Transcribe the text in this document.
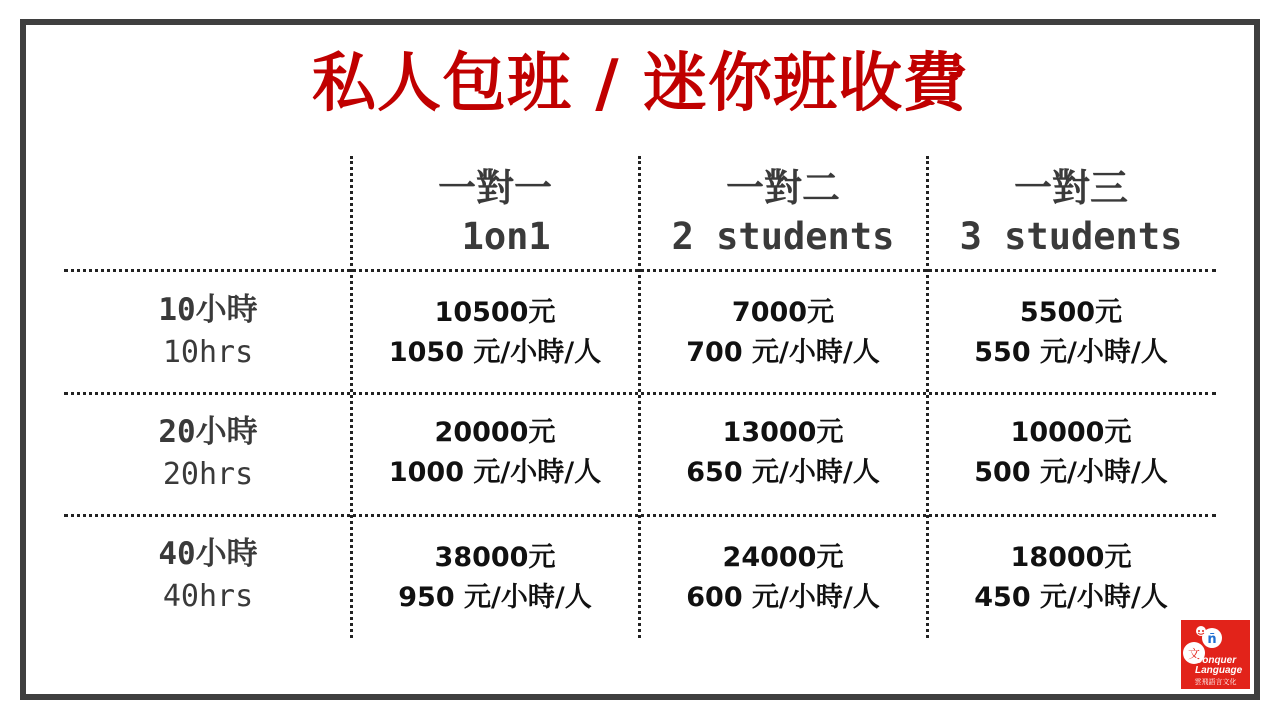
私人包班 / 迷你班收費
一對一
1on1
一對二
2 students
一對三
3 students
10小時
10hrs
10500元
1050 元/小時/人
7000元
700 元/小時/人
5500元
550 元/小時/人
20小時
20hrs
20000元
1000 元/小時/人
13000元
650 元/小時/人
10000元
500 元/小時/人
40小時
40hrs
38000元
950 元/小時/人
24000元
600 元/小時/人
18000元
450 元/小時/人
文
ñ
Conquer
Language
雲飛語言文化
